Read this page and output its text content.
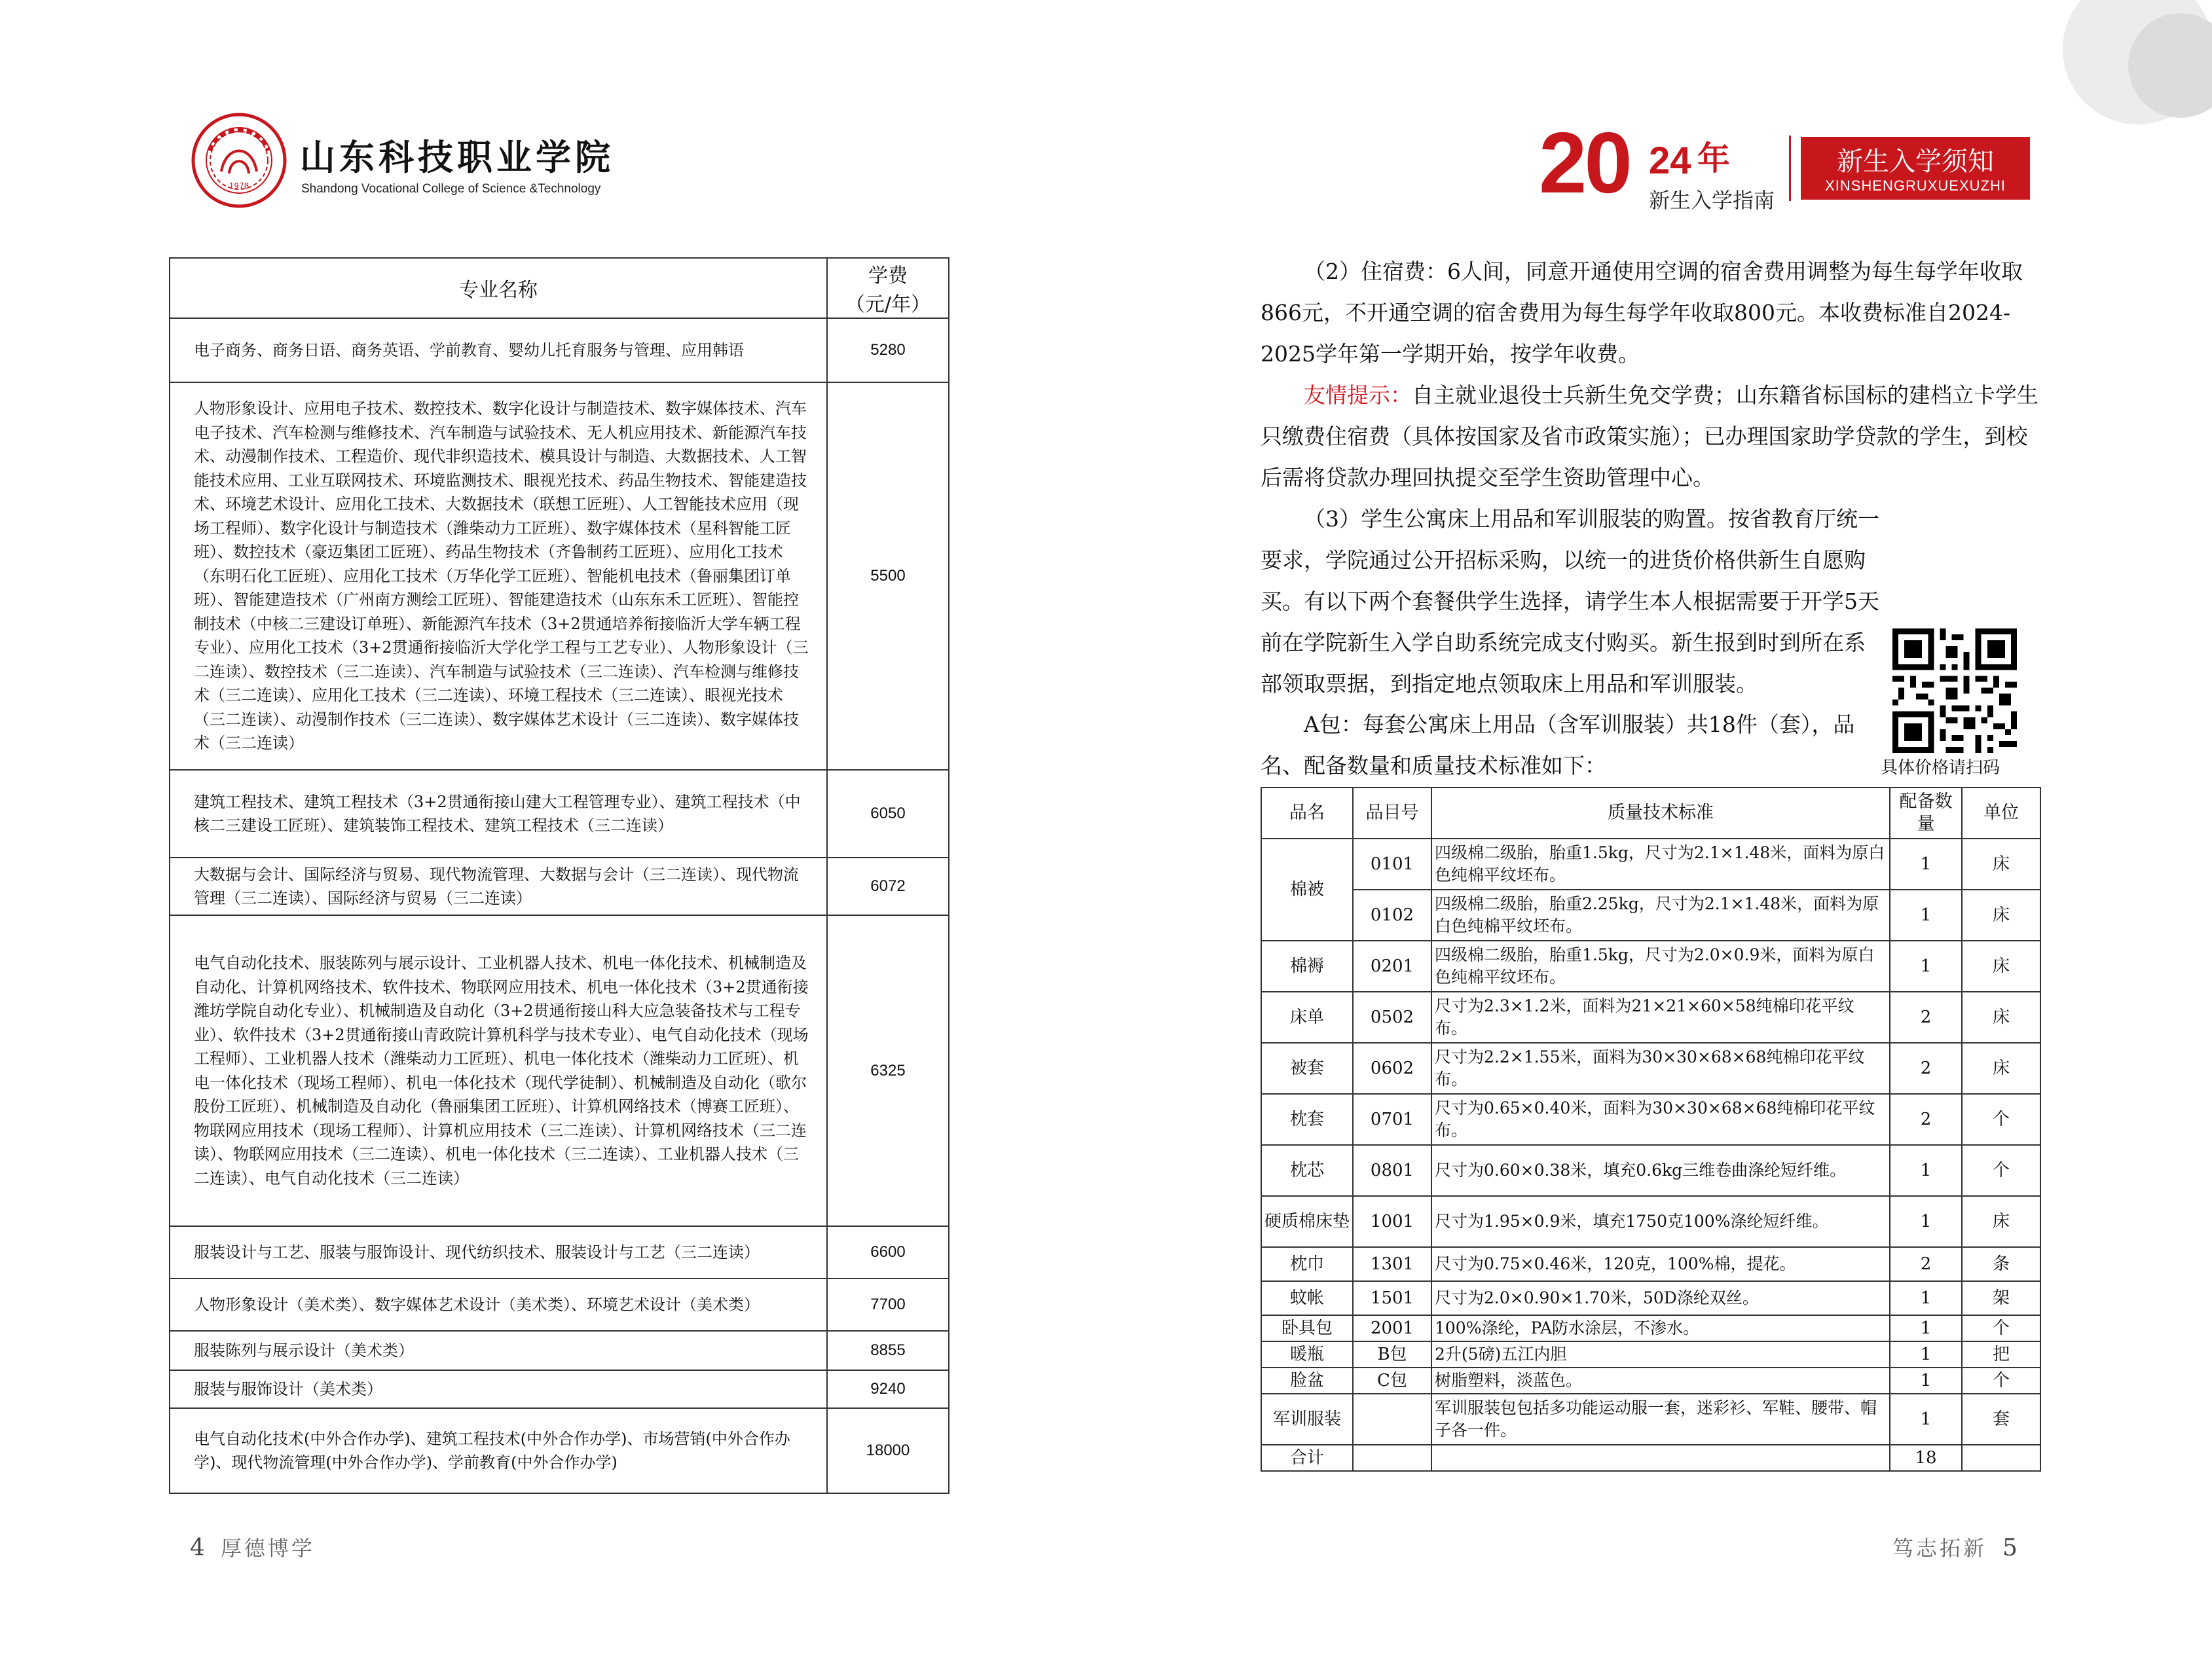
1978
山东科技职业学院
Shandong Vocational College of Science &Technology
专业名称	学费
（元/年）

电子商务、商务日语、商务英语、学前教育、婴幼儿托育服务与管理、应用韩语	5280
人物形象设计、应用电子技术、数控技术、数字化设计与制造技术、数字媒体技术、汽车电子技术、汽车检测与维修技术、汽车制造与试验技术、无人机应用技术、新能源汽车技术、动漫制作技术、工程造价、现代非织造技术、模具设计与制造、大数据技术、人工智能技术应用、工业互联网技术、环境监测技术、眼视光技术、药品生物技术、智能建造技术、环境艺术设计、应用化工技术、大数据技术（联想工匠班）、人工智能技术应用（现场工程师）、数字化设计与制造技术（潍柴动力工匠班）、数字媒体技术（星科智能工匠班）、数控技术（豪迈集团工匠班）、药品生物技术（齐鲁制药工匠班）、应用化工技术（东明石化工匠班）、应用化工技术（万华化学工匠班）、智能机电技术（鲁丽集团订单班）、智能建造技术（广州南方测绘工匠班）、智能建造技术（山东东禾工匠班）、智能控制技术（中核二三建设订单班）、新能源汽车技术（3+2贯通培养衔接临沂大学车辆工程专业）、应用化工技术（3+2贯通衔接临沂大学化学工程与工艺专业）、人物形象设计（三二连读）、数控技术（三二连读）、汽车制造与试验技术（三二连读）、汽车检测与维修技术（三二连读）、应用化工技术（三二连读）、环境工程技术（三二连读）、眼视光技术（三二连读）、动漫制作技术（三二连读）、数字媒体艺术设计（三二连读）、数字媒体技术（三二连读）	5500
建筑工程技术、建筑工程技术（3+2贯通衔接山建大工程管理专业）、建筑工程技术（中核二三建设工匠班）、建筑装饰工程技术、建筑工程技术（三二连读）	6050
大数据与会计、国际经济与贸易、现代物流管理、大数据与会计（三二连读）、现代物流管理（三二连读）、国际经济与贸易（三二连读）	6072
电气自动化技术、服装陈列与展示设计、工业机器人技术、机电一体化技术、机械制造及自动化、计算机网络技术、软件技术、物联网应用技术、机电一体化技术（3+2贯通衔接潍坊学院自动化专业）、机械制造及自动化（3+2贯通衔接山科大应急装备技术与工程专业）、软件技术（3+2贯通衔接山青政院计算机科学与技术专业）、电气自动化技术（现场工程师）、工业机器人技术（潍柴动力工匠班）、机电一体化技术（潍柴动力工匠班）、机电一体化技术（现场工程师）、机电一体化技术（现代学徒制）、机械制造及自动化（歌尔股份工匠班）、机械制造及自动化（鲁丽集团工匠班）、计算机网络技术（博赛工匠班）、物联网应用技术（现场工程师）、计算机应用技术（三二连读）、计算机网络技术（三二连读）、物联网应用技术（三二连读）、机电一体化技术（三二连读）、工业机器人技术（三二连读）、电气自动化技术（三二连读）	6325
服装设计与工艺、服装与服饰设计、现代纺织技术、服装设计与工艺（三二连读）	6600
人物形象设计（美术类）、数字媒体艺术设计（美术类）、环境艺术设计（美术类）	7700
服装陈列与展示设计（美术类）	8855
服装与服饰设计（美术类）	9240
电气自动化技术(中外合作办学)、建筑工程技术(中外合作办学)、市场营销(中外合作办学)、现代物流管理(中外合作办学)、学前教育(中外合作办学)	18000
4 厚德博学
20 24 年
新生入学指南
新生入学须知
XINSHENGRUXUEXUZHI
（2）住宿费：6人间，同意开通使用空调的宿舍费用调整为每生每学年收取866元，不开通空调的宿舍费用为每生每学年收取800元。本收费标准自2024-2025学年第一学期开始，按学年收费。
友情提示：自主就业退役士兵新生免交学费；山东籍省标国标的建档立卡学生只缴费住宿费（具体按国家及省市政策实施）；已办理国家助学贷款的学生，到校后需将贷款办理回执提交至学生资助管理中心。
（3）学生公寓床上用品和军训服装的购置。按省教育厅统一要求，学院通过公开招标采购，以统一的进货价格供新生自愿购买。有以下两个套餐供学生选择，请学生本人根据需要于开学5天前在学院新生入学自助系统完成支付购买。新生报到时到所在系部领取票据，到指定地点领取床上用品和军训服装。
A包：每套公寓床上用品（含军训服装）共18件（套），品名、配备数量和质量技术标准如下：	具体价格请扫码
品名	品目号	质量技术标准	配备数量	单位
棉被	0101	四级棉二级胎，胎重1.5kg，尺寸为2.1×1.48米，面料为原白色纯棉平纹坯布。	1	床
	0102	四级棉二级胎，胎重2.25kg，尺寸为2.1×1.48米，面料为原白色纯棉平纹坯布。	1	床
棉褥	0201	四级棉二级胎，胎重1.5kg，尺寸为2.0×0.9米，面料为原白色纯棉平纹坯布。	1	床
床单	0502	尺寸为2.3×1.2米，面料为21×21×60×58纯棉印花平纹布。	2	床
被套	0602	尺寸为2.2×1.55米，面料为30×30×68×68纯棉印花平纹布。	2	床
枕套	0701	尺寸为0.65×0.40米，面料为30×30×68×68纯棉印花平纹布。	2	个
枕芯	0801	尺寸为0.60×0.38米，填充0.6kg三维卷曲涤纶短纤维。	1	个
硬质棉床垫	1001	尺寸为1.95×0.9米，填充1750克100%涤纶短纤维。	1	床
枕巾	1301	尺寸为0.75×0.46米，120克，100%棉，提花。	2	条
蚊帐	1501	尺寸为2.0×0.90×1.70米，50D涤纶双丝。	1	架
卧具包	2001	100%涤纶，PA防水涂层，不渗水。	1	个
暖瓶	B包	2升(5磅)五江内胆	1	把
脸盆	C包	树脂塑料，淡蓝色。	1	个
军训服装		军训服装包包括多功能运动服一套，迷彩衫、军鞋、腰带、帽子各一件。	1	套
合计			18	
笃志拓新 5
